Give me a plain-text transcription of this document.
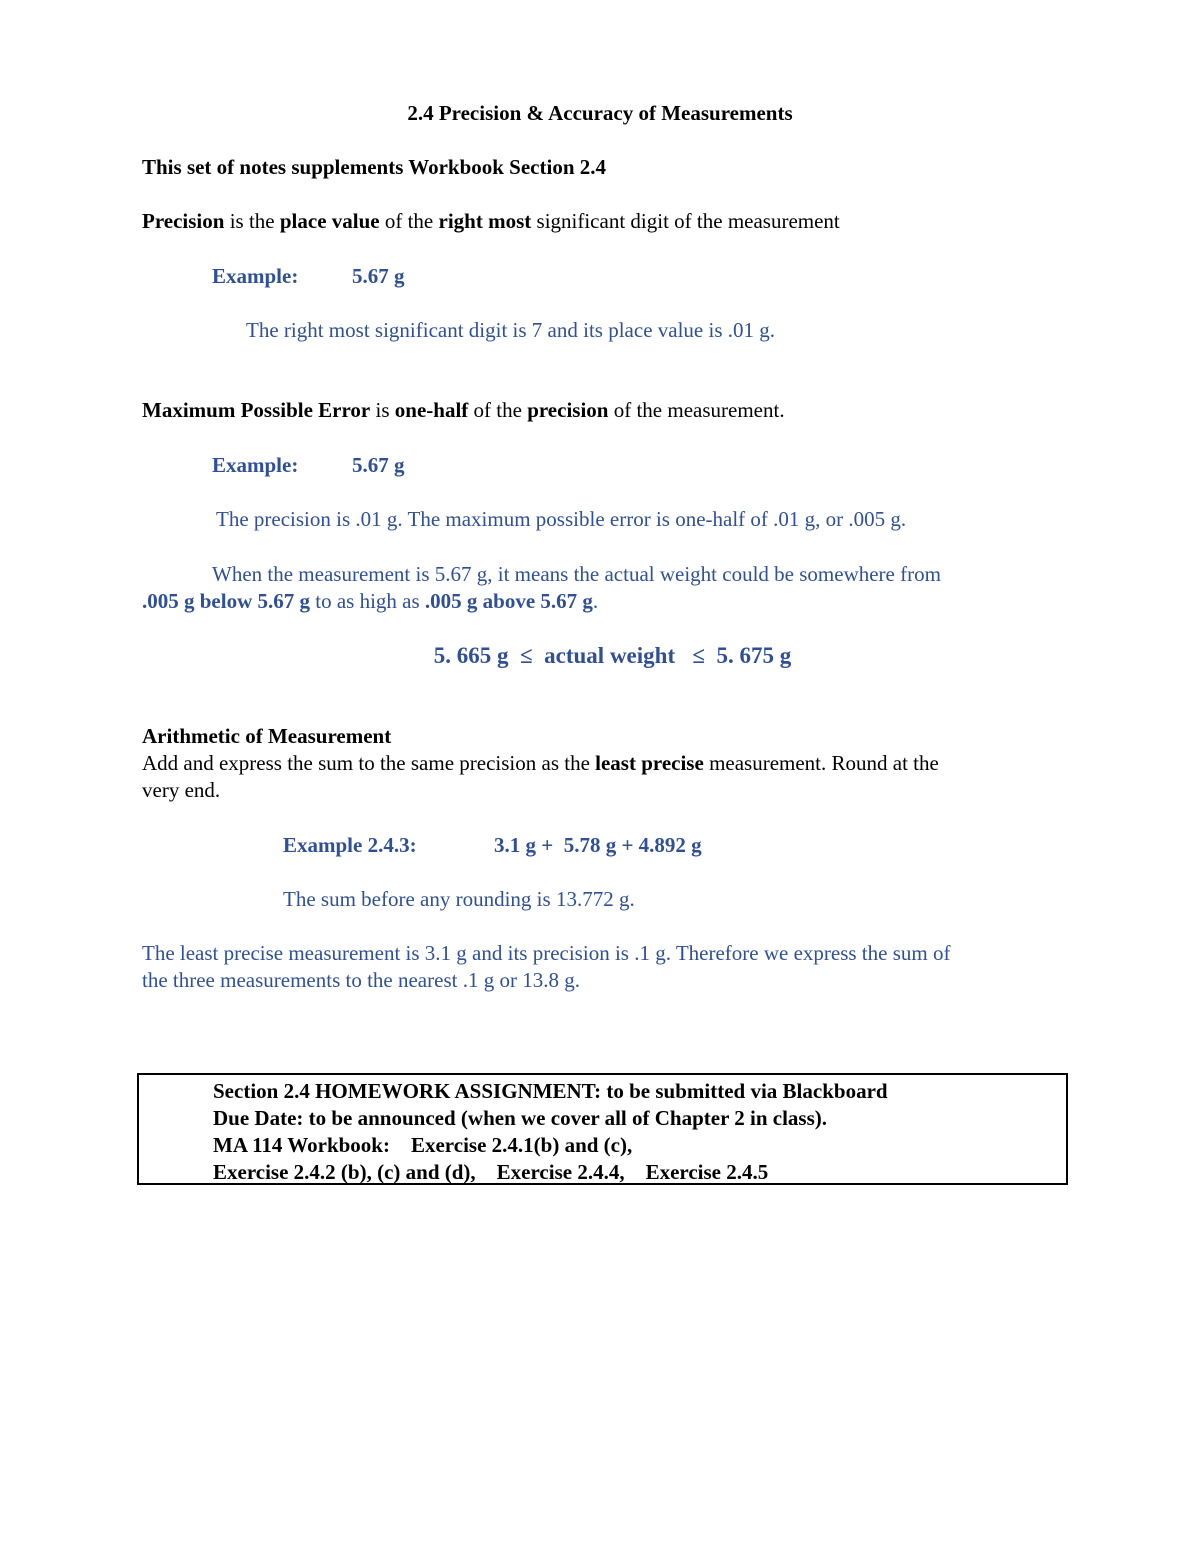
2.4 Precision & Accuracy of Measurements
This set of notes supplements Workbook Section 2.4
Precision is the place value of the right most significant digit of the measurement
Example:	5.67 g
The right most significant digit is 7 and its place value is .01 g.
Maximum Possible Error is one-half of the precision of the measurement.
Example:	5.67 g
The precision is .01 g. The maximum possible error is one-half of .01 g, or .005 g.
When the measurement is 5.67 g, it means the actual weight could be somewhere from
.005 g below 5.67 g to as high as .005 g above 5.67 g.
5. 665 g  ≤  actual weight   ≤  5. 675 g
Arithmetic of Measurement
Add and express the sum to the same precision as the least precise measurement. Round at the
very end.
Example 2.4.3:	3.1 g +  5.78 g + 4.892 g
The sum before any rounding is 13.772 g.
The least precise measurement is 3.1 g and its precision is .1 g. Therefore we express the sum of
the three measurements to the nearest .1 g or 13.8 g.
Section 2.4 HOMEWORK ASSIGNMENT: to be submitted via Blackboard
Due Date: to be announced (when we cover all of Chapter 2 in class).
MA 114 Workbook:    Exercise 2.4.1(b) and (c),
Exercise 2.4.2 (b), (c) and (d),    Exercise 2.4.4,    Exercise 2.4.5
